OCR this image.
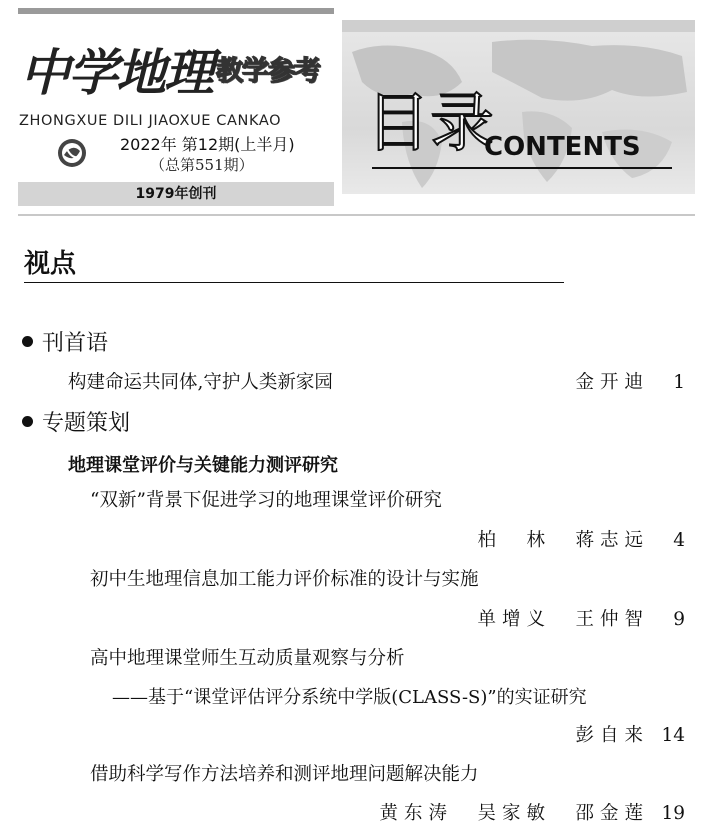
中学地理 教学参考
ZHONGXUE DILI JIAOXUE CANKAO
2022年 第12期(上半月)
（总第551期）
1979年创刊
目录
CONTENTS
视点
刊首语
构建命运共同体,守护人类新家园	金开迪 1
专题策划
地理课堂评价与关键能力测评研究
“双新”背景下促进学习的地理课堂评价研究
柏　林　蒋志远 4
初中生地理信息加工能力评价标准的设计与实施
单增义　王仲智 9
高中地理课堂师生互动质量观察与分析
——基于“课堂评估评分系统中学版(CLASS-S)”的实证研究
彭自来 14
借助科学写作方法培养和测评地理问题解决能力
黄东涛　吴家敏　邵金莲 19
